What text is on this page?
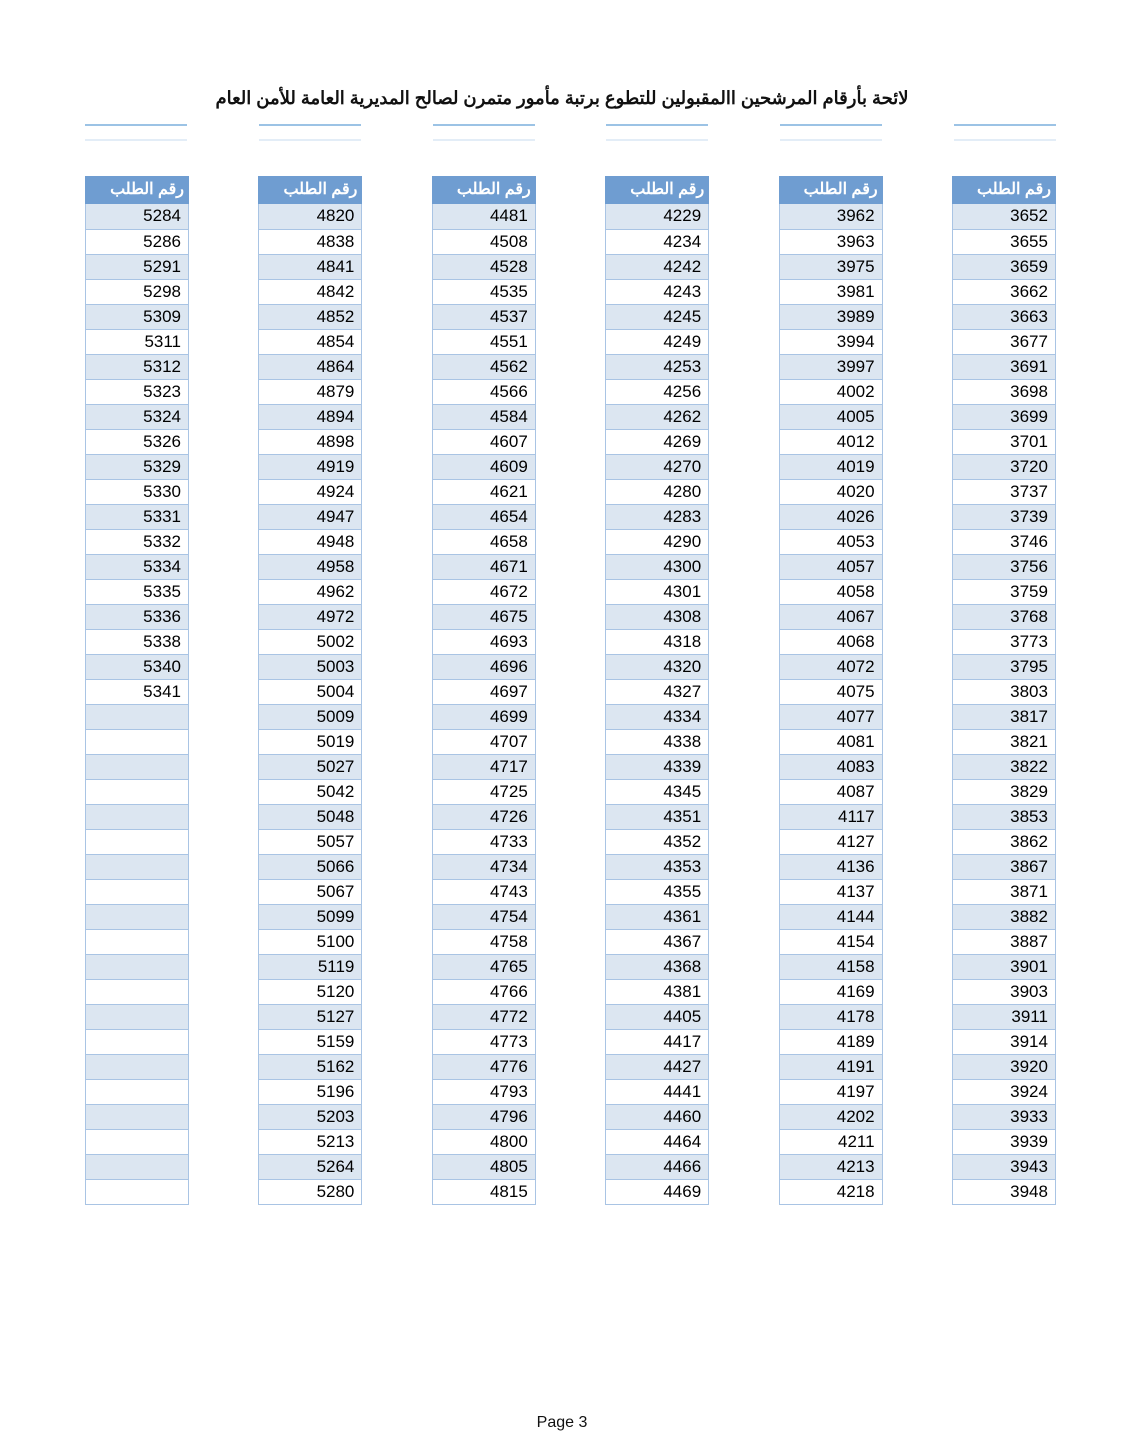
لائحة بأرقام المرشحين االمقبولين للتطوع برتبة مأمور متمرن لصالح المديرية العامة للأمن العام
رقم الطلب
5284
5286
5291
5298
5309
5311
5312
5323
5324
5326
5329
5330
5331
5332
5334
5335
5336
5338
5340
5341
رقم الطلب
4820
4838
4841
4842
4852
4854
4864
4879
4894
4898
4919
4924
4947
4948
4958
4962
4972
5002
5003
5004
5009
5019
5027
5042
5048
5057
5066
5067
5099
5100
5119
5120
5127
5159
5162
5196
5203
5213
5264
5280
رقم الطلب
4481
4508
4528
4535
4537
4551
4562
4566
4584
4607
4609
4621
4654
4658
4671
4672
4675
4693
4696
4697
4699
4707
4717
4725
4726
4733
4734
4743
4754
4758
4765
4766
4772
4773
4776
4793
4796
4800
4805
4815
رقم الطلب
4229
4234
4242
4243
4245
4249
4253
4256
4262
4269
4270
4280
4283
4290
4300
4301
4308
4318
4320
4327
4334
4338
4339
4345
4351
4352
4353
4355
4361
4367
4368
4381
4405
4417
4427
4441
4460
4464
4466
4469
رقم الطلب
3962
3963
3975
3981
3989
3994
3997
4002
4005
4012
4019
4020
4026
4053
4057
4058
4067
4068
4072
4075
4077
4081
4083
4087
4117
4127
4136
4137
4144
4154
4158
4169
4178
4189
4191
4197
4202
4211
4213
4218
رقم الطلب
3652
3655
3659
3662
3663
3677
3691
3698
3699
3701
3720
3737
3739
3746
3756
3759
3768
3773
3795
3803
3817
3821
3822
3829
3853
3862
3867
3871
3882
3887
3901
3903
3911
3914
3920
3924
3933
3939
3943
3948
Page 3
